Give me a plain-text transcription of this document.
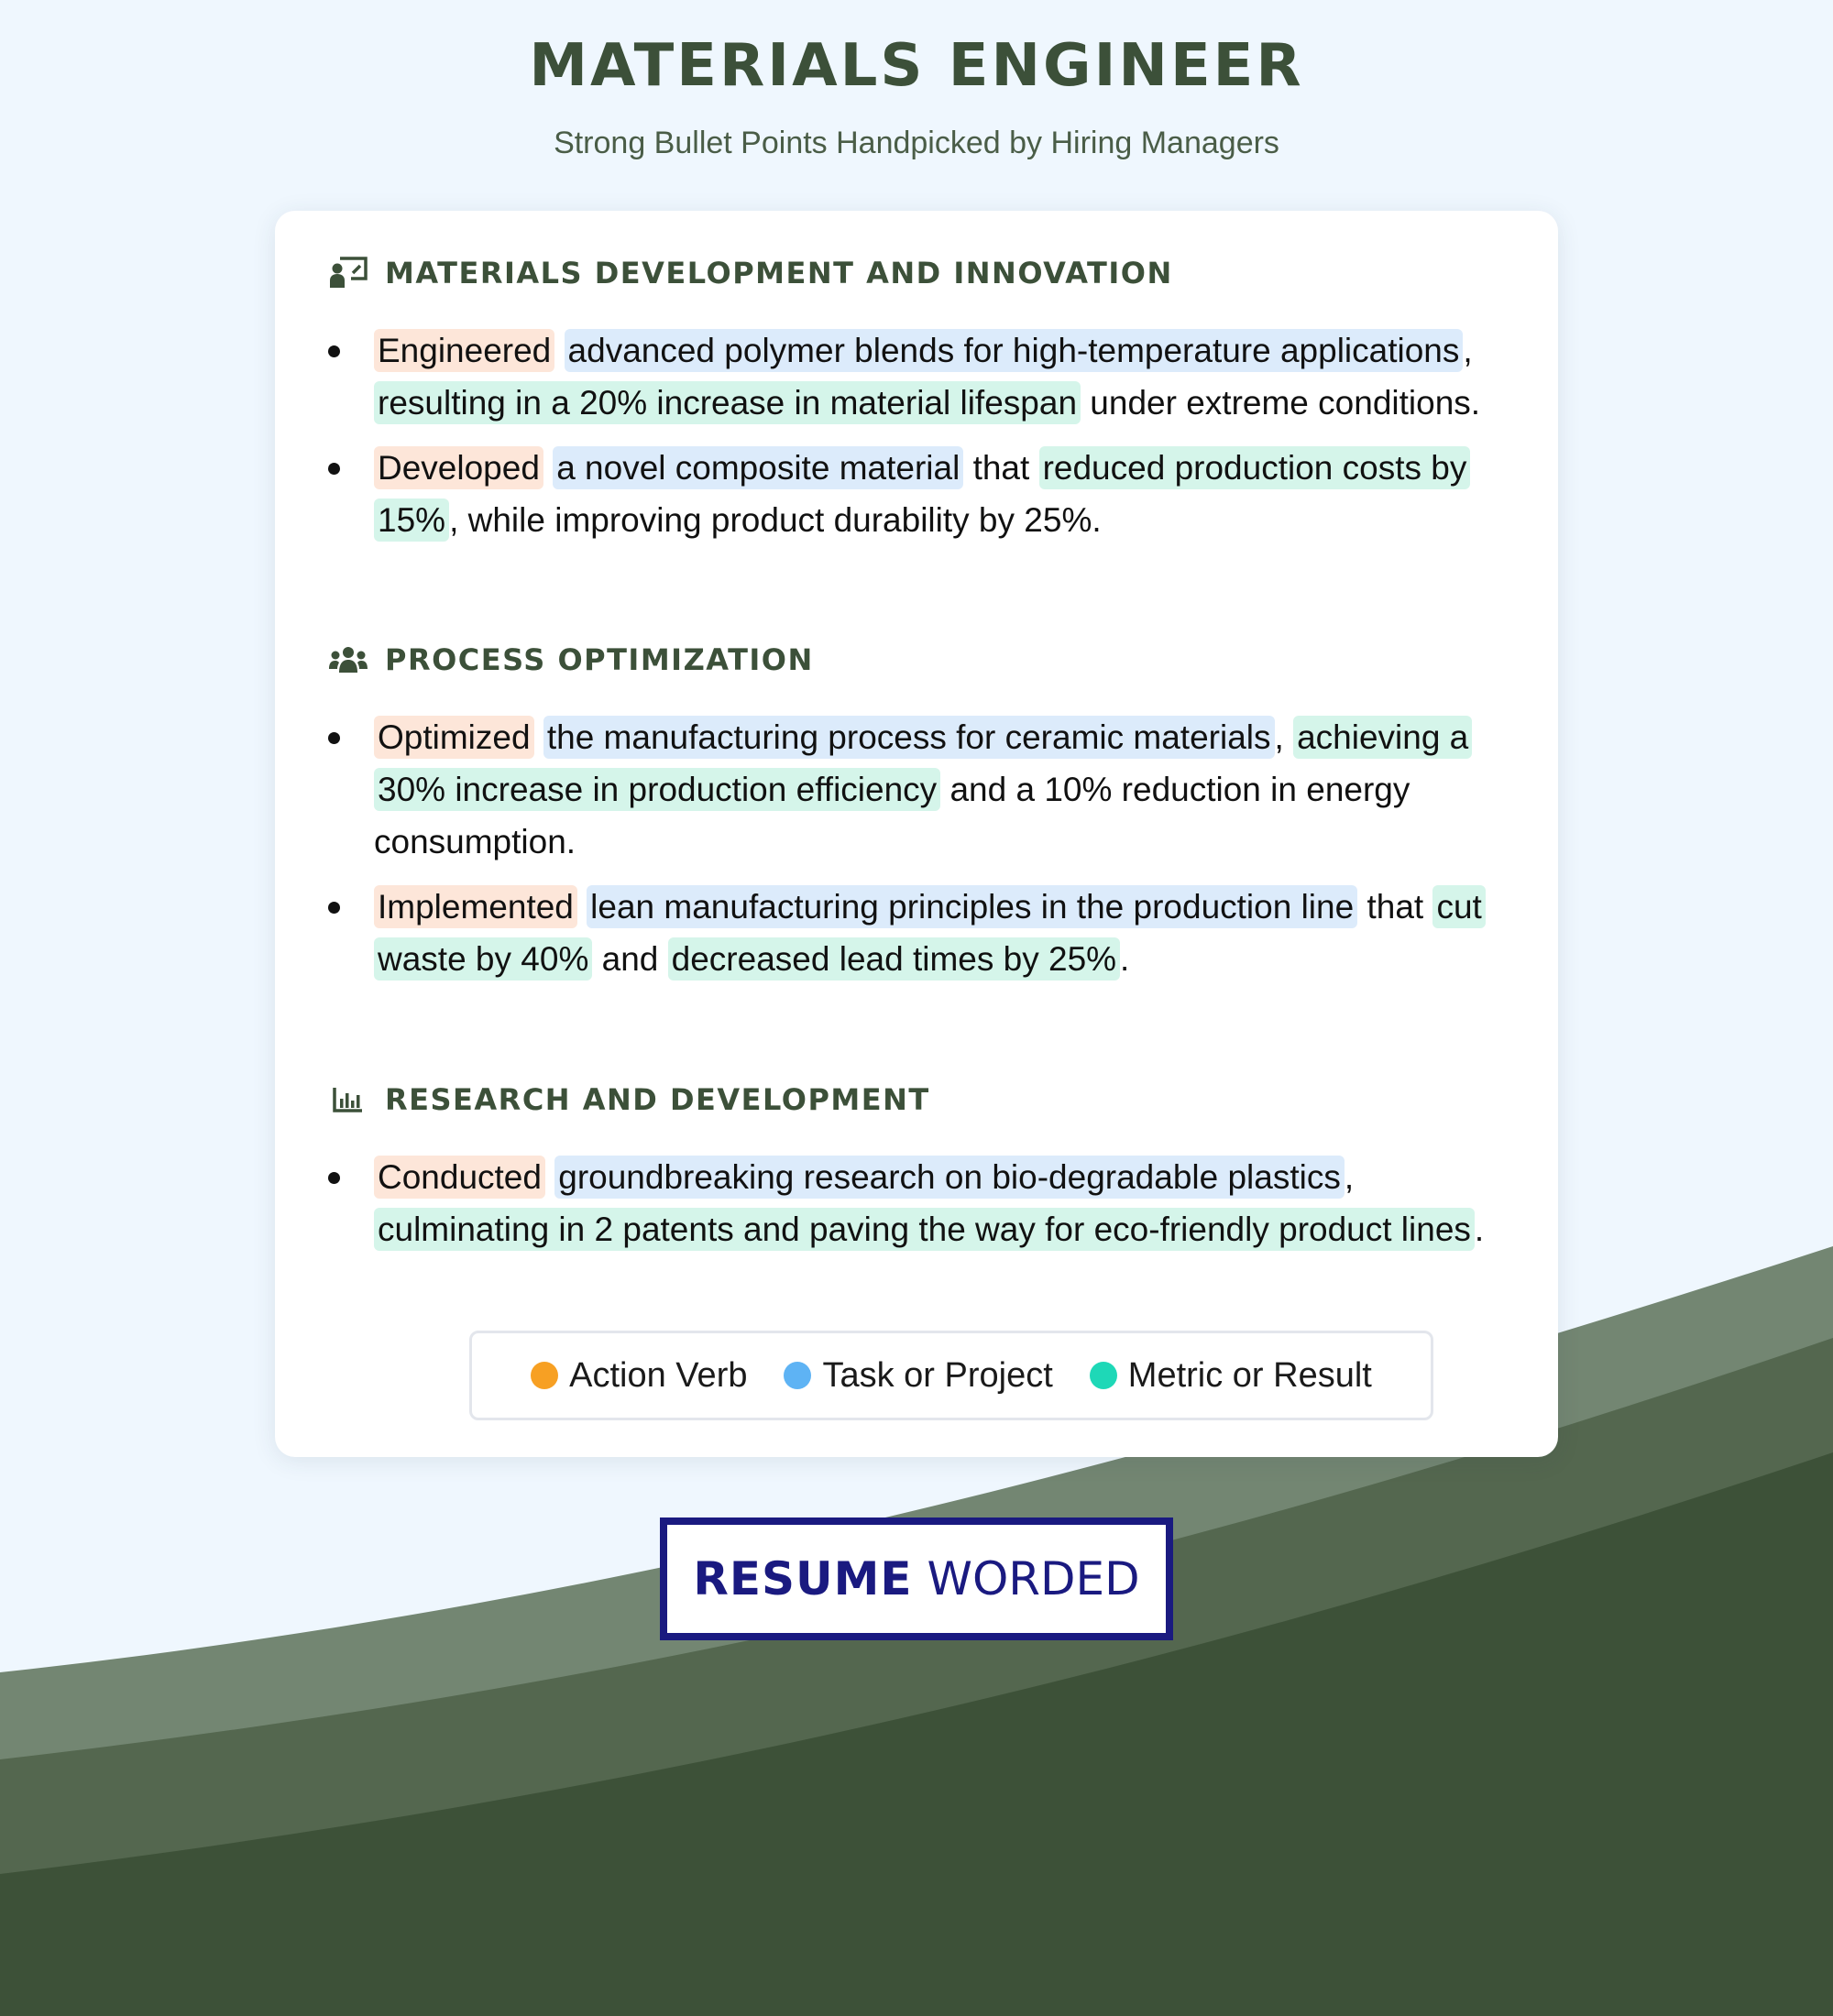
MATERIALS ENGINEER

Strong Bullet Points Handpicked by Hiring Managers

MATERIALS DEVELOPMENT AND INNOVATION
Engineered advanced polymer blends for high-temperature applications , resulting in a 20% increase in material lifespan under extreme conditions.
Developed a novel composite material that reduced production costs by 15% , while improving product durability by 25%.
PROCESS OPTIMIZATION
Optimized the manufacturing process for ceramic materials , achieving a 30% increase in production efficiency and a 10% reduction in energy consumption.
Implemented lean manufacturing principles in the production line that cut waste by 40% and decreased lead times by 25% .
RESEARCH AND DEVELOPMENT
Conducted groundbreaking research on bio-degradable plastics , culminating in 2 patents and paving the way for eco-friendly product lines .
Action Verb Task or Project Metric or Result
RESUME WORDED
